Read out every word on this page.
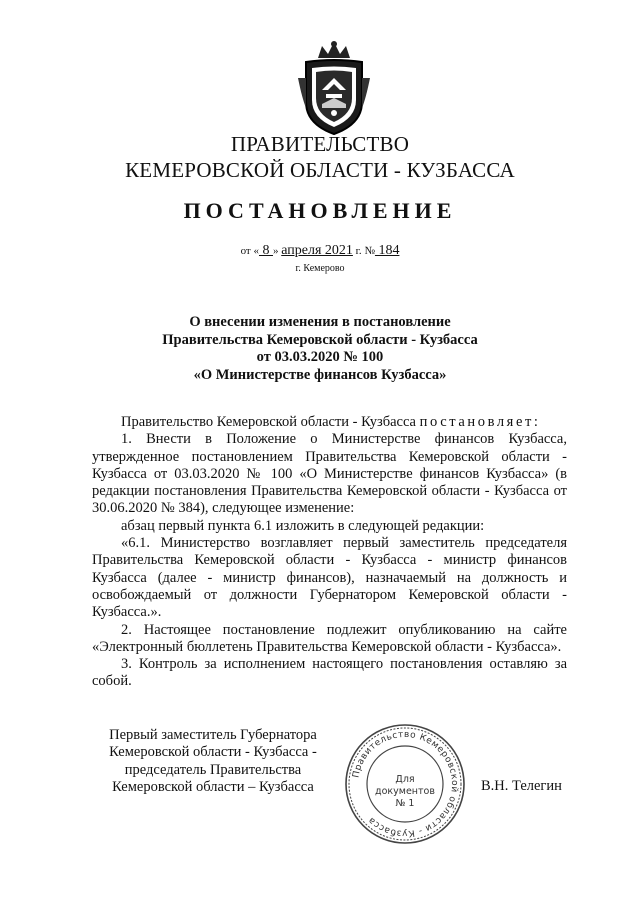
ПРАВИТЕЛЬСТВО
КЕМЕРОВСКОЙ ОБЛАСТИ - КУЗБАССА
ПОСТАНОВЛЕНИЕ
от « 8 » апреля 2021 г. № 184
г. Кемерово
О внесении изменения в постановление
Правительства Кемеровской области - Кузбасса
от 03.03.2020 № 100
«О Министерстве финансов Кузбасса»

Правительство Кемеровской области - Кузбасса постановляет:

1. Внести в Положение о Министерстве финансов Кузбасса, утвержденное постановлением Правительства Кемеровской области - Кузбасса от 03.03.2020 № 100 «О Министерстве финансов Кузбасса» (в редакции постановления Правительства Кемеровской области - Кузбасса от 30.06.2020 № 384), следующее изменение:

абзац первый пункта 6.1 изложить в следующей редакции:

«6.1. Министерство возглавляет первый заместитель председателя Правительства Кемеровской области - Кузбасса - министр финансов Кузбасса (далее - министр финансов), назначаемый на должность и освобождаемый от должности Губернатором Кемеровской области - Кузбасса.».

2. Настоящее постановление подлежит опубликованию на сайте «Электронный бюллетень Правительства Кемеровской области - Кузбасса».

3. Контроль за исполнением настоящего постановления оставляю за собой.

Первый заместитель Губернатора
Кемеровской области - Кузбасса -
председатель Правительства
Кемеровской области – Кузбасса
Правительство Кемеровской области - Кузбасса
Для
документов
№ 1
В.Н. Телегин
